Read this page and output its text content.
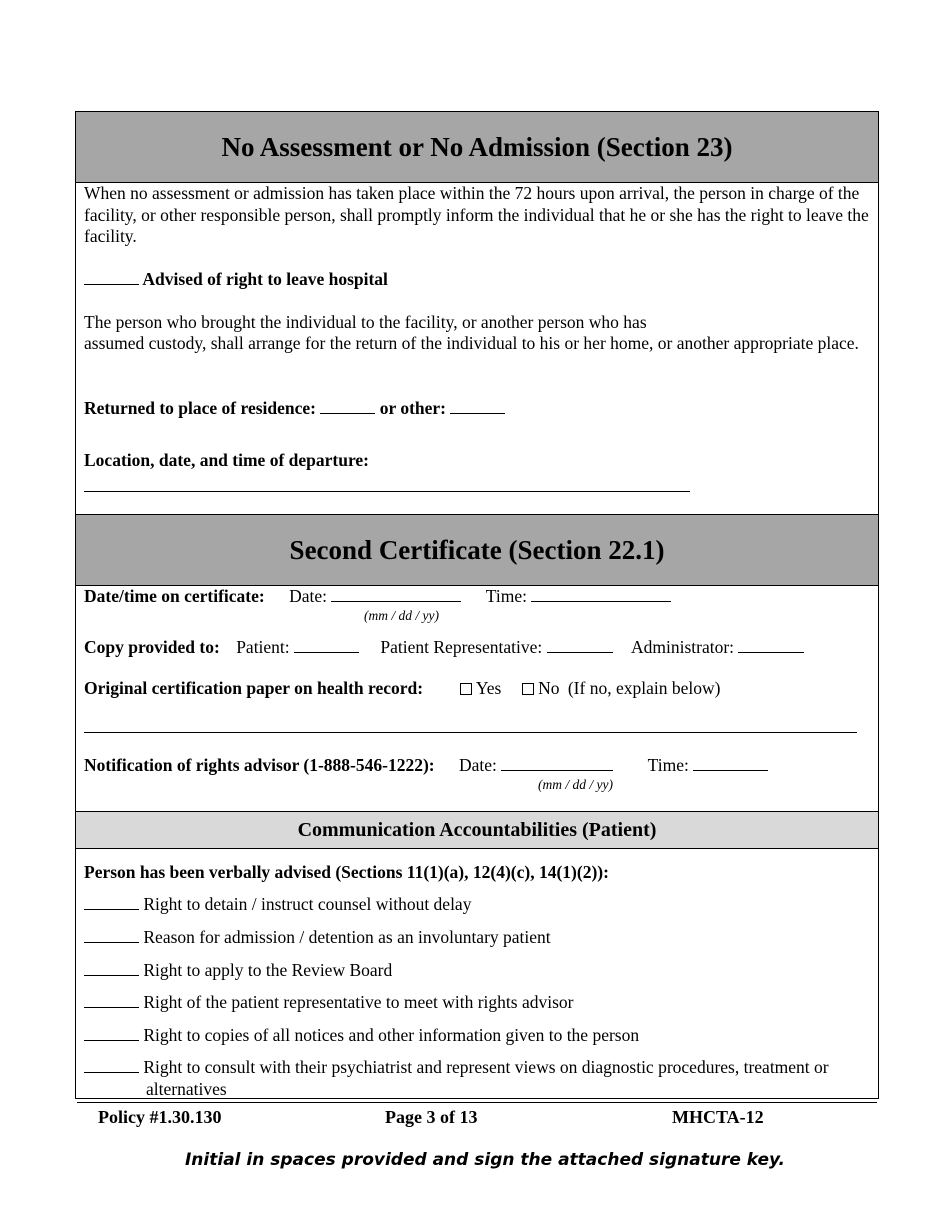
No Assessment or No Admission (Section 23)
When no assessment or admission has taken place within the 72 hours upon arrival, the person in charge of the facility, or other responsible person, shall promptly inform the individual that he or she has the right to leave the facility.
Advised of right to leave hospital
The person who brought the individual to the facility, or another person who has
assumed custody, shall arrange for the return of the individual to his or her home, or another appropriate place.
Returned to place of residence:	or other:
Location, date, and time of departure:
Second Certificate (Section 22.1)
Date/time on certificate: Date:	Time:
(mm / dd / yy)
Copy provided to: Patient:	Patient Representative:	Administrator:
Original certification paper on health record:	Yes No (If no, explain below)
Notification of rights advisor (1-888-546-1222): Date:	Time:
(mm / dd / yy)
Communication Accountabilities (Patient)
Person has been verbally advised (Sections 11(1)(a), 12(4)(c), 14(1)(2)):
Right to detain / instruct counsel without delay
Reason for admission / detention as an involuntary patient
Right to apply to the Review Board
Right of the patient representative to meet with rights advisor
Right to copies of all notices and other information given to the person
Right to consult with their psychiatrist and represent views on diagnostic procedures, treatment or
alternatives
Policy #1.30.130	Page 3 of 13	MHCTA-12
Initial in spaces provided and sign the attached signature key.
